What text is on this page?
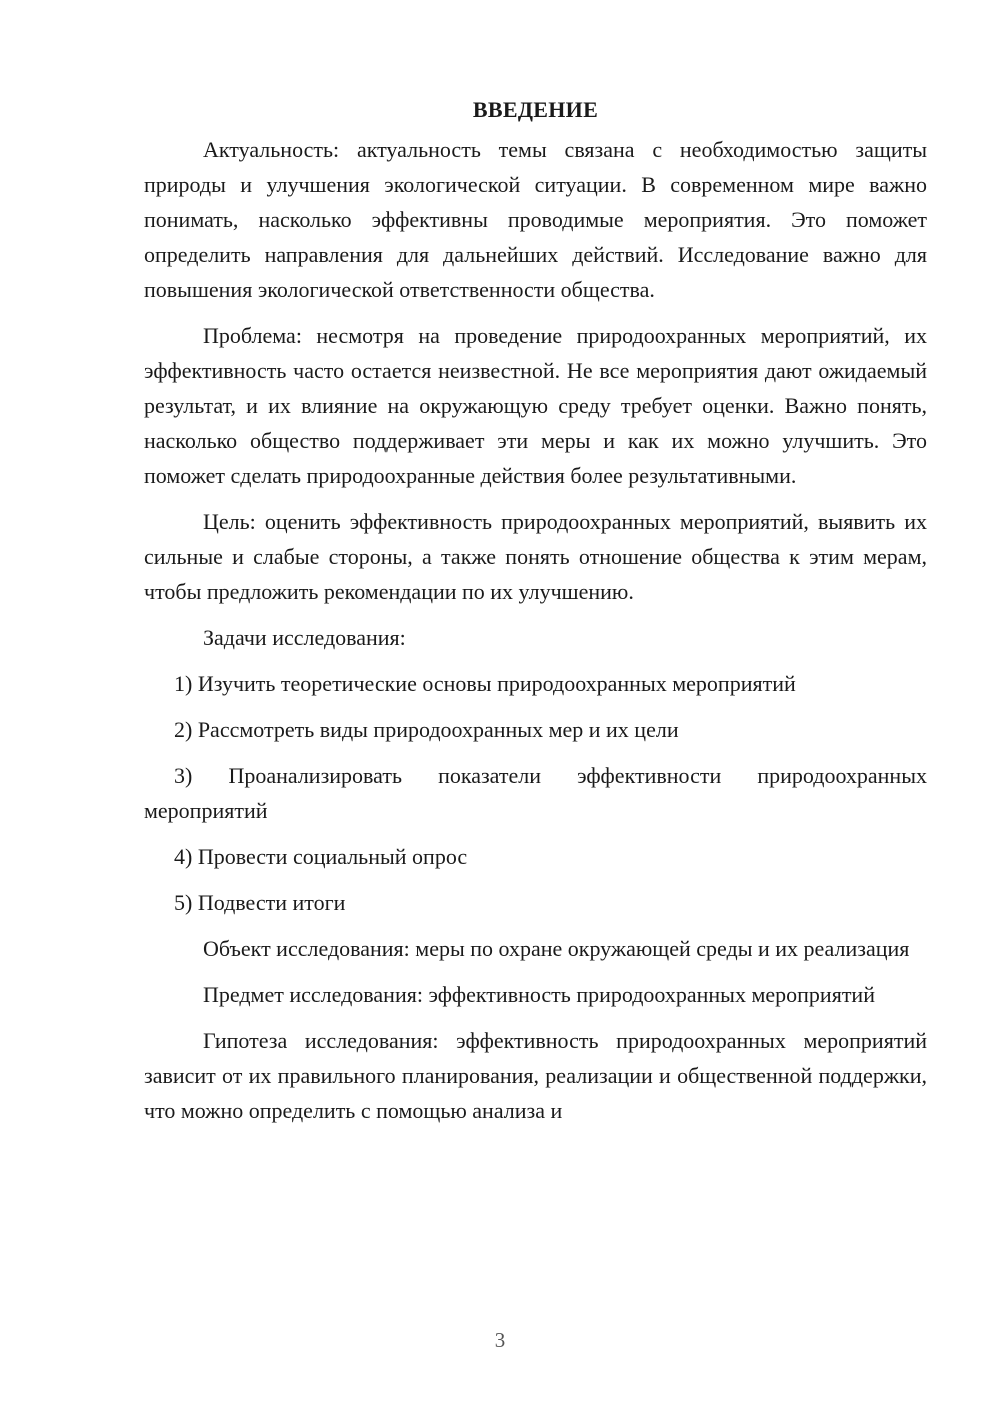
ВВЕДЕНИЕ

Актуальность: актуальность темы связана с необходимостью защиты природы и улучшения экологической ситуации. В современном мире важно понимать, насколько эффективны проводимые мероприятия. Это поможет определить направления для дальнейших действий. Исследование важно для повышения экологической ответственности общества.

Проблема: несмотря на проведение природоохранных мероприятий, их эффективность часто остается неизвестной. Не все мероприятия дают ожидаемый результат, и их влияние на окружающую среду требует оценки. Важно понять, насколько общество поддерживает эти меры и как их можно улучшить. Это поможет сделать природоохранные действия более результативными.

Цель: оценить эффективность природоохранных мероприятий, выявить их сильные и слабые стороны, а также понять отношение общества к этим мерам, чтобы предложить рекомендации по их улучшению.

Задачи исследования:

1) Изучить теоретические основы природоохранных мероприятий

2) Рассмотреть виды природоохранных мер и их цели

3) Проанализировать показатели эффективности природоохранных мероприятий

4) Провести социальный опрос

5) Подвести итоги

Объект исследования: меры по охране окружающей среды и их реализация

Предмет исследования: эффективность природоохранных мероприятий

Гипотеза исследования: эффективность природоохранных мероприятий зависит от их правильного планирования, реализации и общественной поддержки, что можно определить с помощью анализа и

3
